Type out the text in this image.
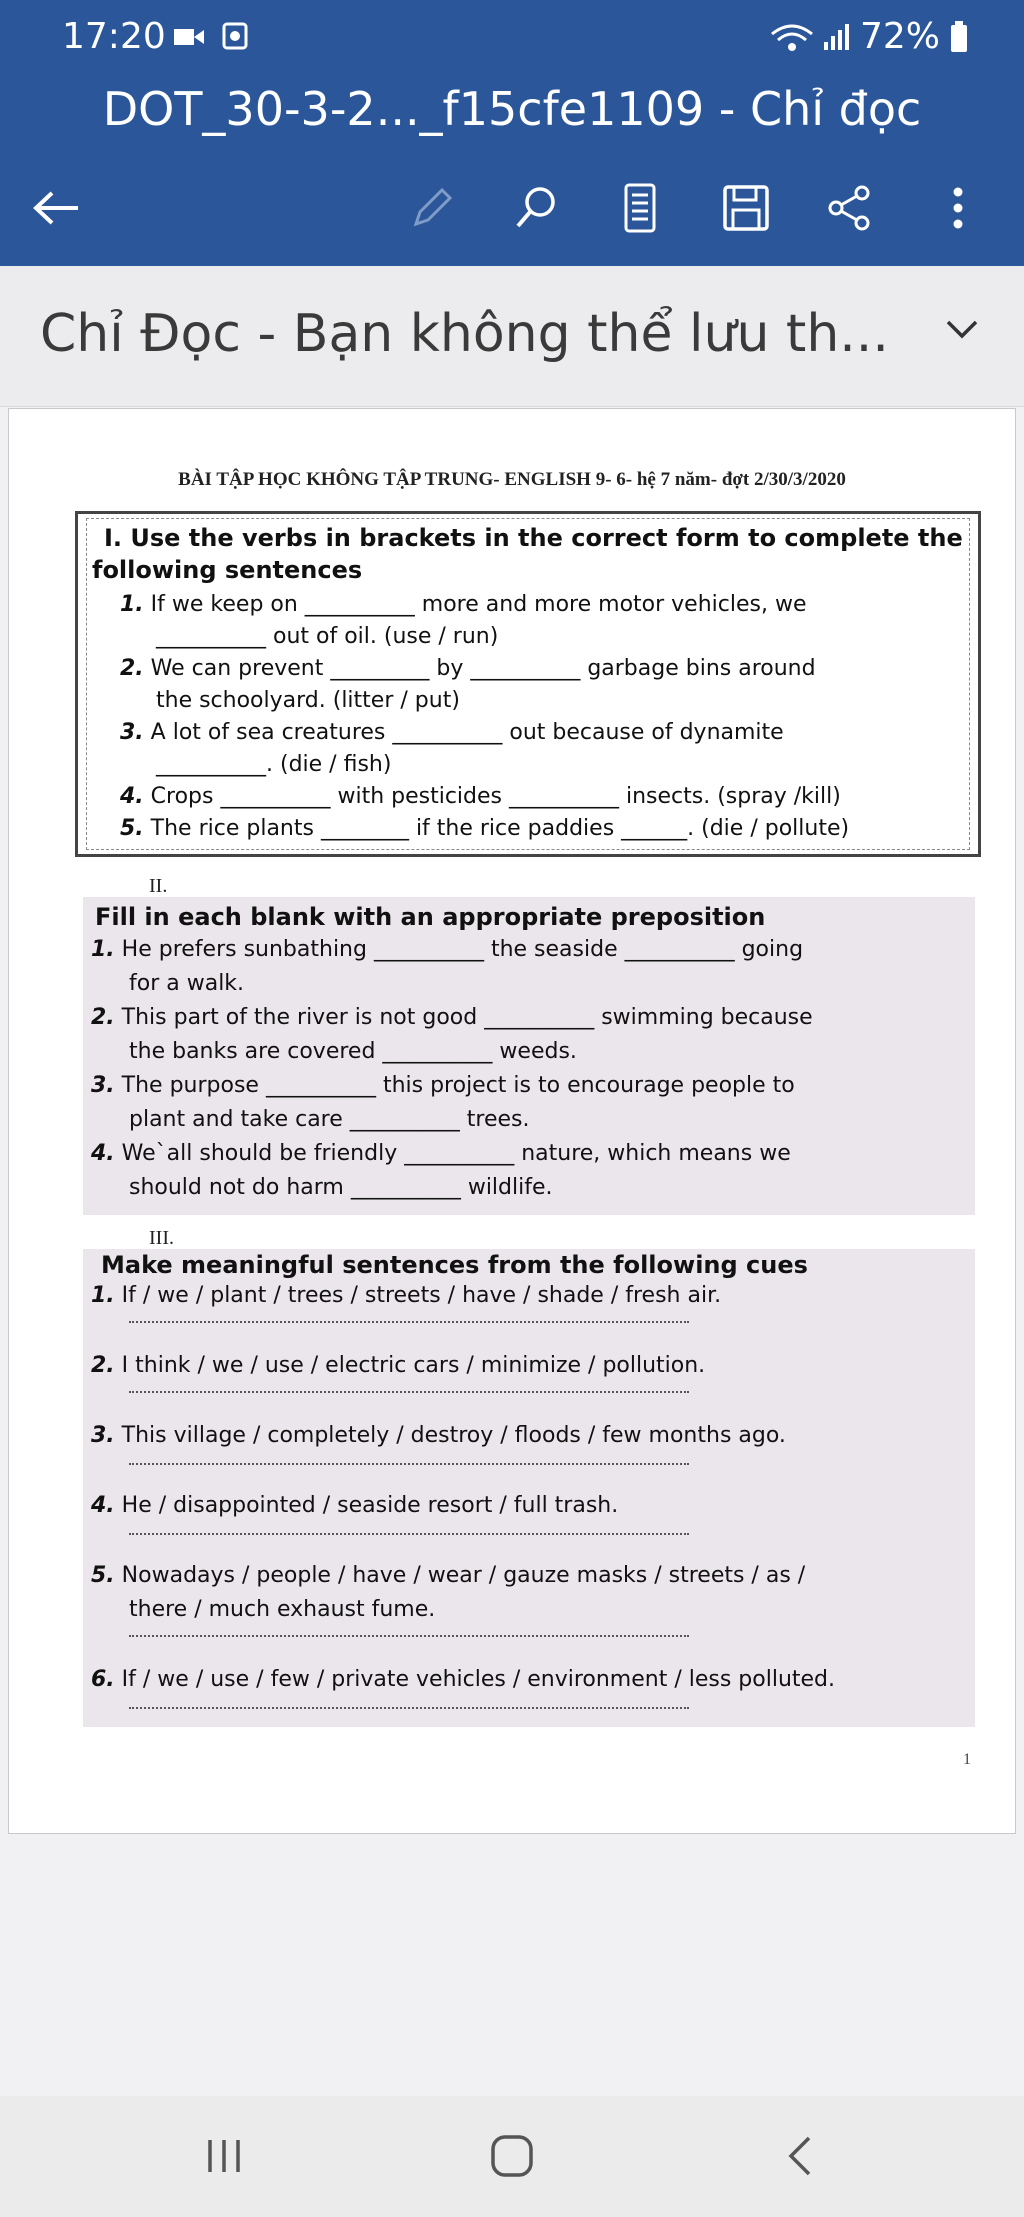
17:20	72%
DOT_30-3-2..._f15cfe1109 - Chỉ đọc
Chỉ Đọc - Bạn không thể lưu th...
BÀI TẬP HỌC KHÔNG TẬP TRUNG- ENGLISH 9- 6- hệ 7 năm- đợt 2/30/3/2020
I. Use the verbs in brackets in the correct form to complete the
following sentences
1. If we keep on __________ more and more motor vehicles, we
__________ out of oil. (use / run)
2. We can prevent _________ by __________ garbage bins around
the schoolyard. (litter / put)
3. A lot of sea creatures __________ out because of dynamite
__________. (die / fish)
4. Crops __________ with pesticides __________ insects. (spray /kill)
5. The rice plants ________ if the rice paddies ______. (die / pollute)
II.
Fill in each blank with an appropriate preposition
1. He prefers sunbathing __________ the seaside __________ going
for a walk.
2. This part of the river is not good __________ swimming because
the banks are covered __________ weeds.
3. The purpose __________ this project is to encourage people to
plant and take care __________ trees.
4. We`all should be friendly __________ nature, which means we
should not do harm __________ wildlife.
III.
Make meaningful sentences from the following cues
1. If / we / plant / trees / streets / have / shade / fresh air.
2. I think / we / use / electric cars / minimize / pollution.
3. This village / completely / destroy / floods / few months ago.
4. He / disappointed / seaside resort / full trash.
5. Nowadays / people / have / wear / gauze masks / streets / as /
there / much exhaust fume.
6. If / we / use / few / private vehicles / environment / less polluted.
1
